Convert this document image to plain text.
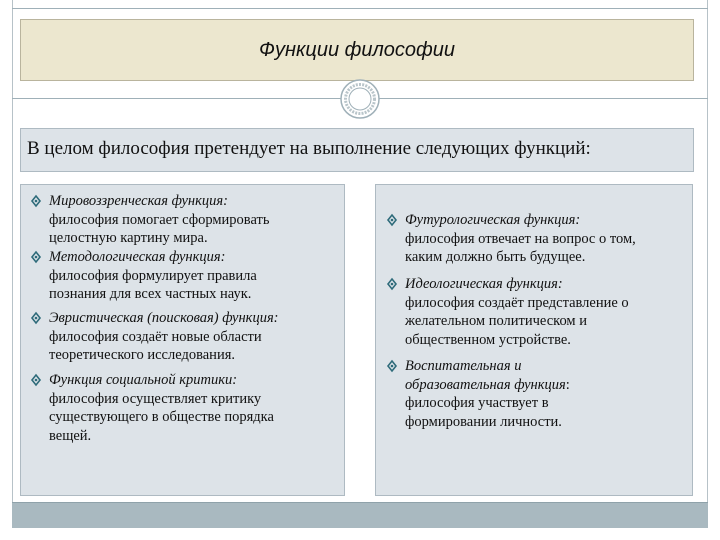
Функции философии
В целом философия претендует на выполнение следующих функций:
Мировоззренческая функция:
философия помогает сформировать
целостную картину мира.
Методологическая функция:
философия формулирует правила
познания для всех частных наук.
Эвристическая (поисковая) функция:
философия создаёт новые области
теоретического исследования.
Функция социальной критики:
философия осуществляет критику
существующего в обществе порядка
вещей.
Футурологическая функция:
философия отвечает на вопрос о том,
каким должно быть будущее.
Идеологическая функция:
философия создаёт представление о
желательном политическом и
общественном устройстве.
Воспитательная и
образовательная функция:
философия участвует в
формировании личности.
